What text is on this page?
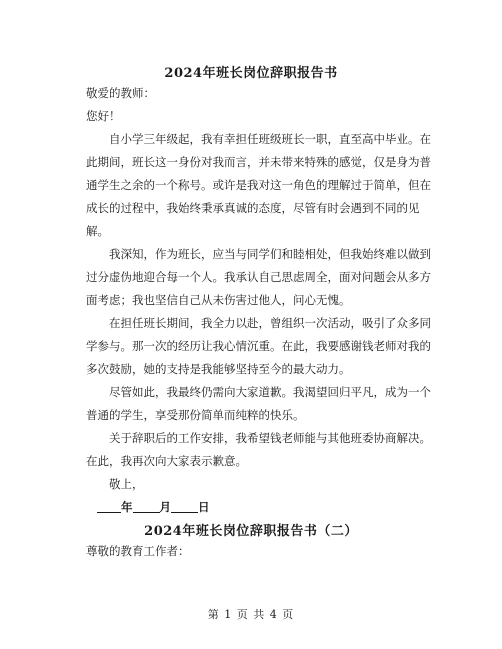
2024年班长岗位辞职报告书
敬爱的教师：
您好！
　　自小学三年级起，我有幸担任班级班长一职，直至高中毕业。在
此期间，班长这一身份对我而言，并未带来特殊的感觉，仅是身为普
通学生之余的一个称号。或许是我对这一角色的理解过于简单，但在
成长的过程中，我始终秉承真诚的态度，尽管有时会遇到不同的见
解。
　　我深知，作为班长，应当与同学们和睦相处，但我始终难以做到
过分虚伪地迎合每一个人。我承认自己思虑周全，面对问题会从多方
面考虑；我也坚信自己从未伤害过他人，问心无愧。
　　在担任班长期间，我全力以赴，曾组织一次活动，吸引了众多同
学参与。那一次的经历让我心情沉重。在此，我要感谢钱老师对我的
多次鼓励，她的支持是我能够坚持至今的最大动力。
　　尽管如此，我最终仍需向大家道歉。我渴望回归平凡，成为一个
普通的学生，享受那份简单而纯粹的快乐。
　　关于辞职后的工作安排，我希望钱老师能与其他班委协商解决。
在此，我再次向大家表示歉意。
　　敬上，
年 月 日
2024年班长岗位辞职报告书（二）
尊敬的教育工作者：
第 1 页 共 4 页
